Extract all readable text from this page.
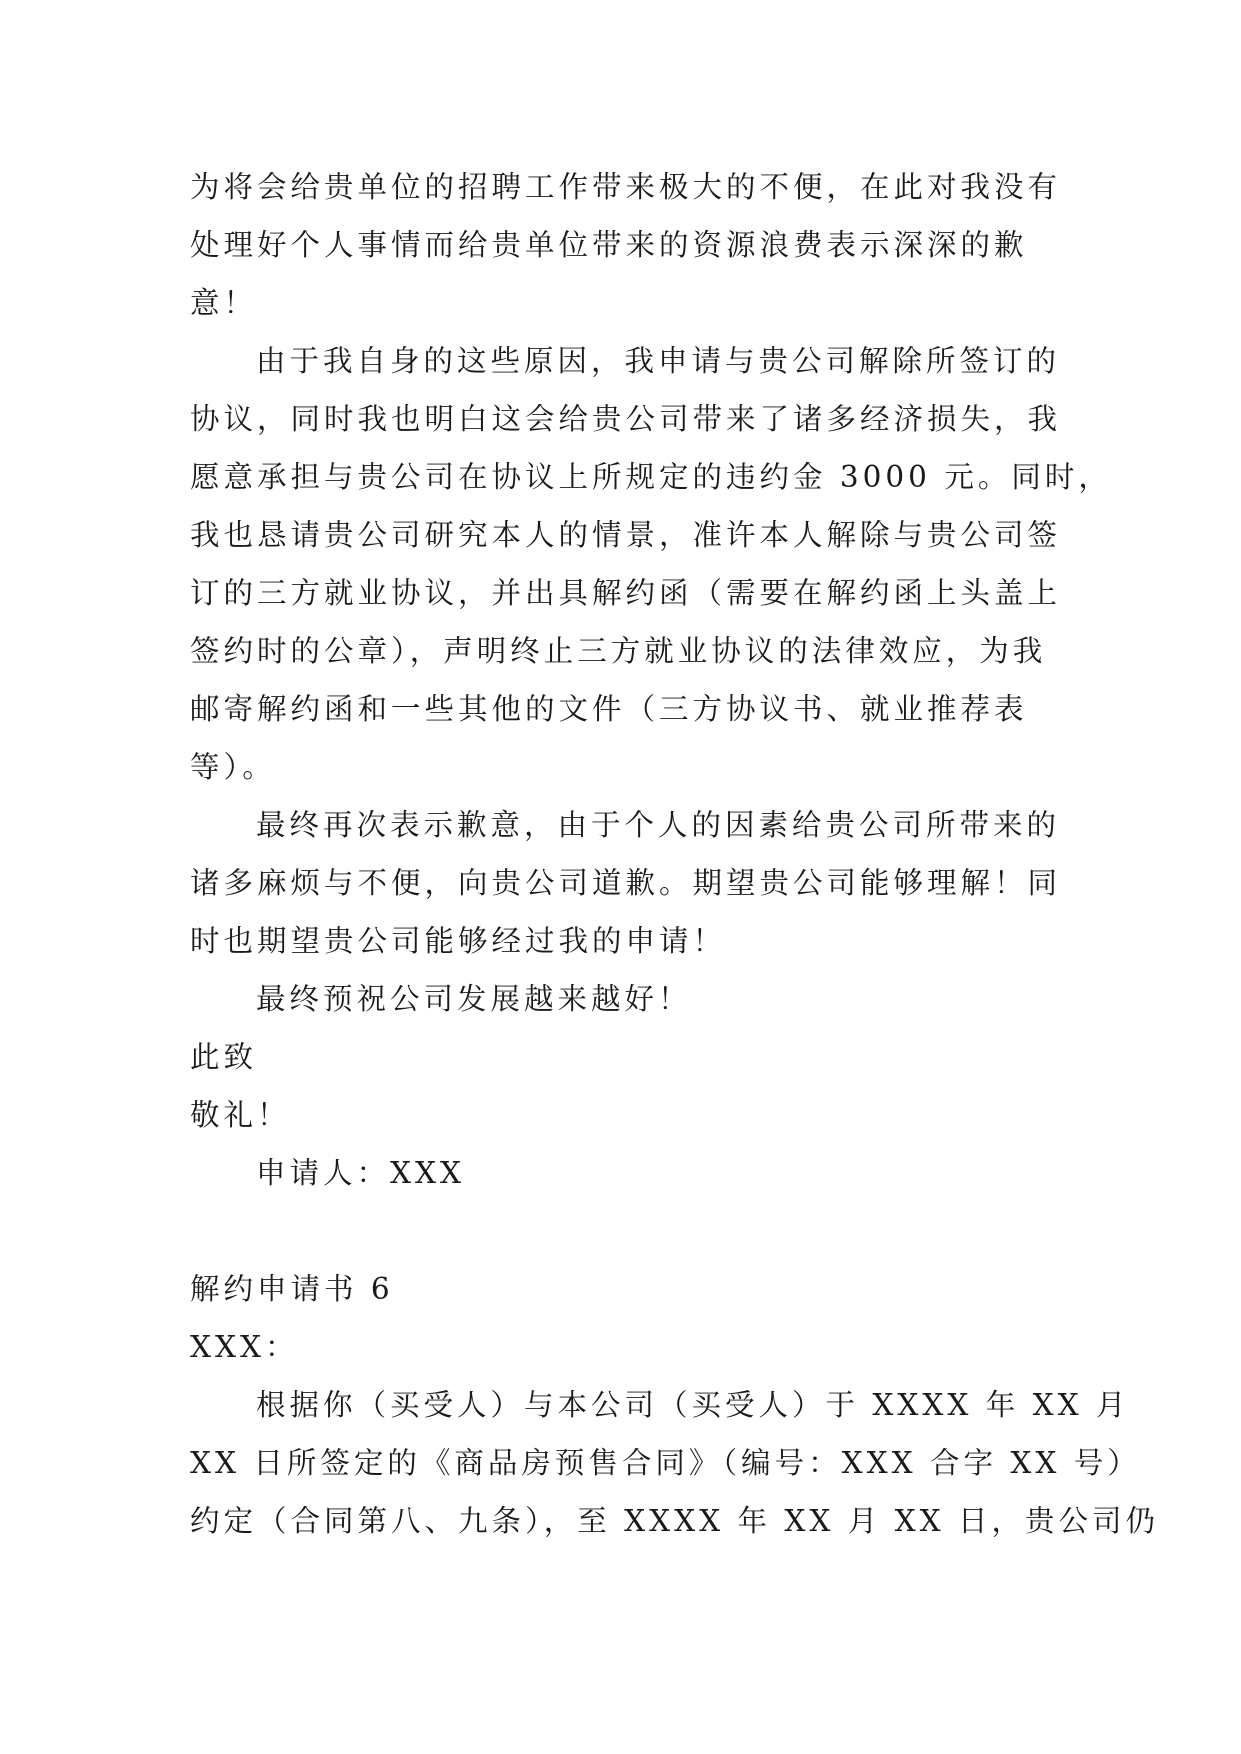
为将会给贵单位的招聘工作带来极大的不便，在此对我没有
处理好个人事情而给贵单位带来的资源浪费表示深深的歉
意！
由于我自身的这些原因，我申请与贵公司解除所签订的
协议，同时我也明白这会给贵公司带来了诸多经济损失，我
愿意承担与贵公司在协议上所规定的违约金 3000 元。同时，
我也恳请贵公司研究本人的情景，准许本人解除与贵公司签
订的三方就业协议，并出具解约函（需要在解约函上头盖上
签约时的公章），声明终止三方就业协议的法律效应，为我
邮寄解约函和一些其他的文件（三方协议书、就业推荐表
等）。
最终再次表示歉意，由于个人的因素给贵公司所带来的
诸多麻烦与不便，向贵公司道歉。期望贵公司能够理解！同
时也期望贵公司能够经过我的申请！
最终预祝公司发展越来越好！
此致
敬礼！
申请人：XXX
解约申请书 6
XXX：
根据你（买受人）与本公司（买受人）于 XXXX 年 XX 月
XX 日所签定的《商品房预售合同》（编号：XXX 合字 XX 号）
约定（合同第八、九条），至 XXXX 年 XX 月 XX 日，贵公司仍
